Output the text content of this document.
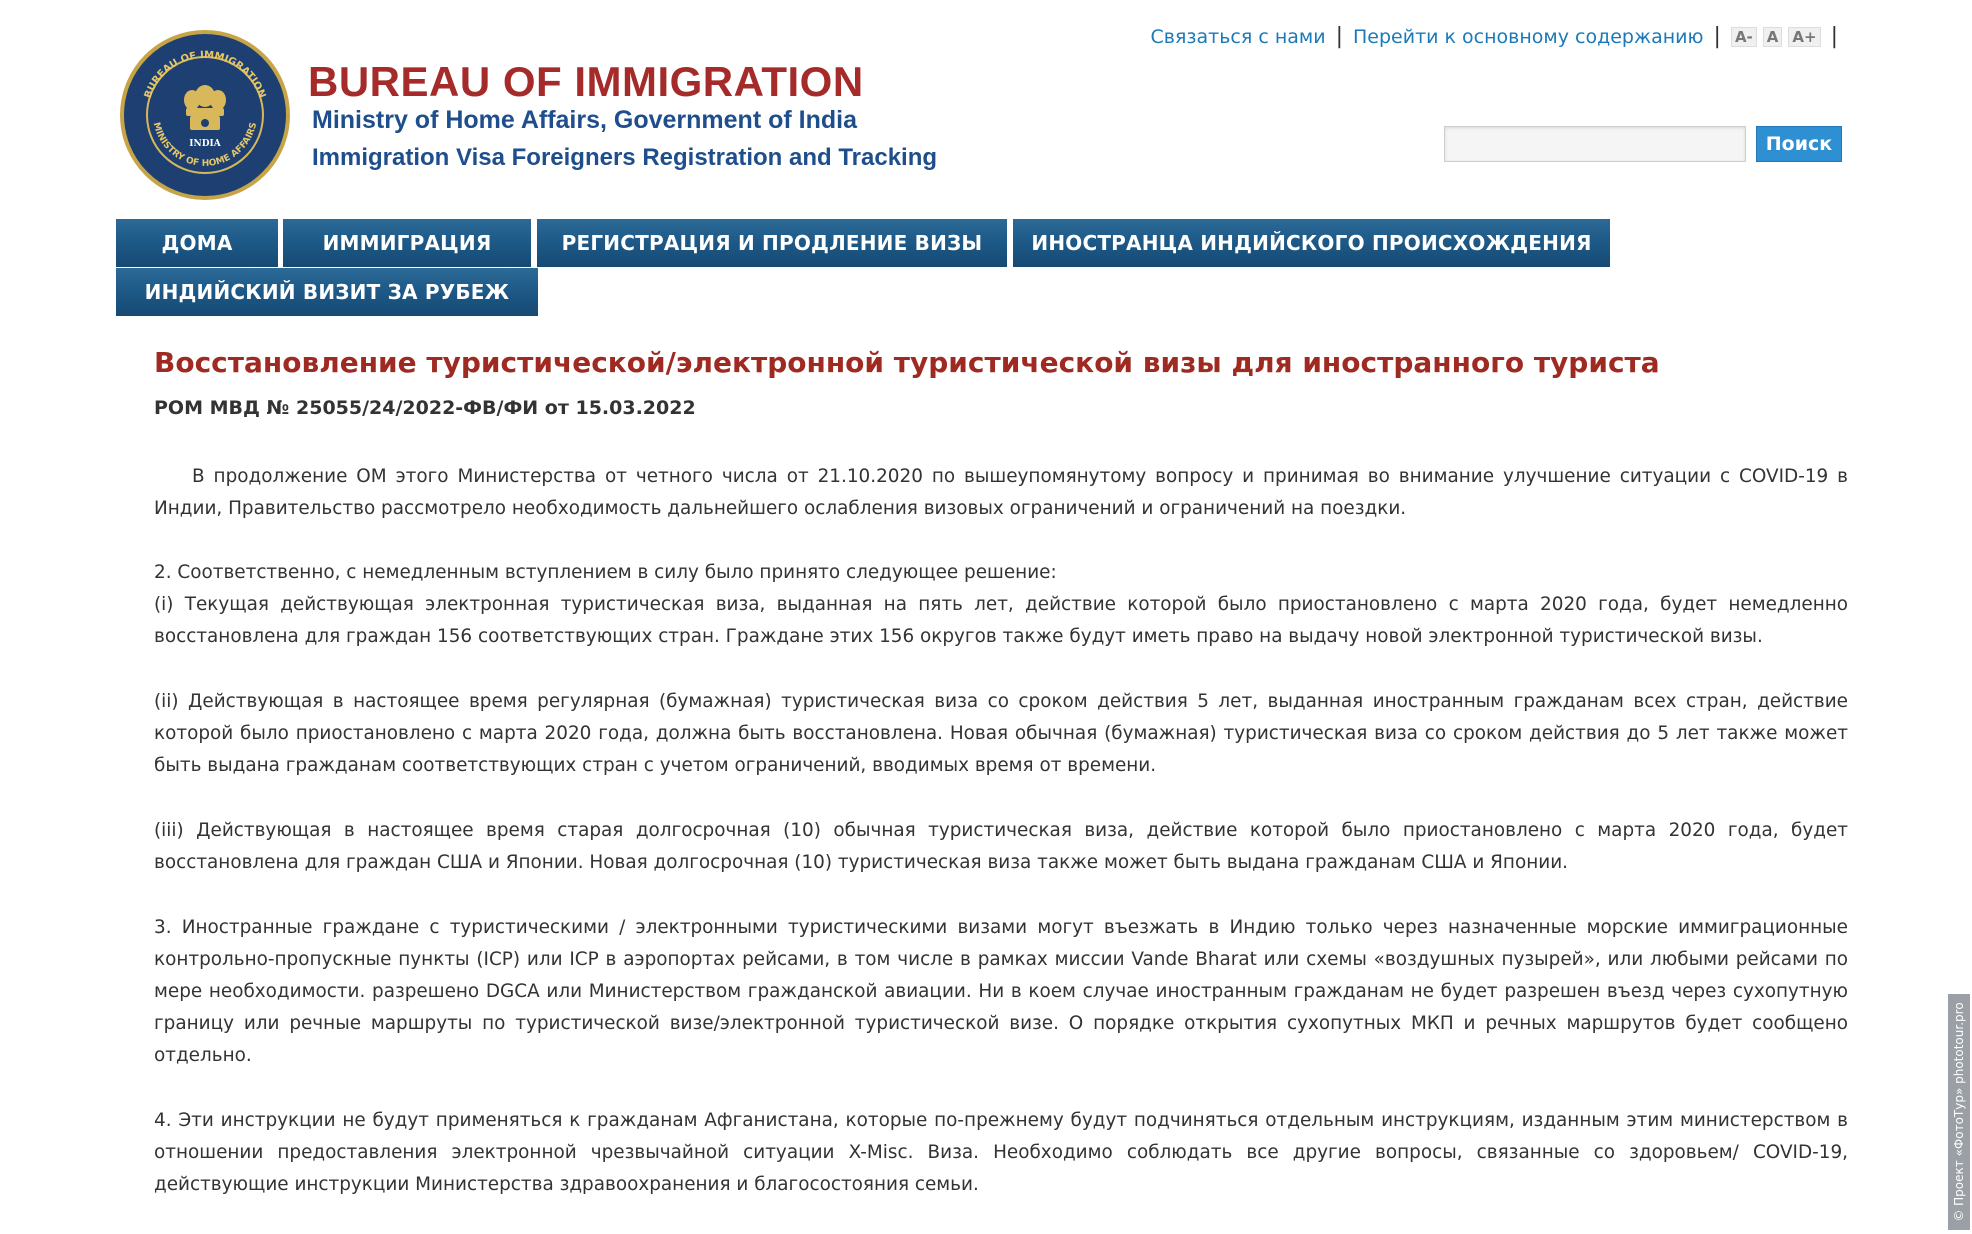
BUREAU OF IMMIGRATION
MINISTRY OF HOME AFFAIRS
INDIA
BUREAU OF IMMIGRATION
Ministry of Home Affairs, Government of India
Immigration Visa Foreigners Registration and Tracking
Связаться с нами | Перейти к основному содержанию | A- A A+ |
Поиск
ДОМА	ИММИГРАЦИЯ	РЕГИСТРАЦИЯ И ПРОДЛЕНИЕ ВИЗЫ	ИНОСТРАНЦА ИНДИЙСКОГО ПРОИСХОЖДЕНИЯ
ИНДИЙСКИЙ ВИЗИТ ЗА РУБЕЖ
Восстановление туристической/электронной туристической визы для иностранного туриста
РОМ МВД № 25055/24/2022-ФВ/ФИ от 15.03.2022

В продолжение ОМ этого Министерства от четного числа от 21.10.2020 по вышеупомянутому вопросу и принимая во внимание улучшение ситуации с COVID-19 в Индии, Правительство рассмотрело необходимость дальнейшего ослабления визовых ограничений и ограничений на поездки.

2. Соответственно, с немедленным вступлением в силу было принято следующее решение:

(i) Текущая действующая электронная туристическая виза, выданная на пять лет, действие которой было приостановлено с марта 2020 года, будет немедленно восстановлена для граждан 156 соответствующих стран. Граждане этих 156 округов также будут иметь право на выдачу новой электронной туристической визы.

(ii) Действующая в настоящее время регулярная (бумажная) туристическая виза со сроком действия 5 лет, выданная иностранным гражданам всех стран, действие которой было приостановлено с марта 2020 года, должна быть восстановлена. Новая обычная (бумажная) туристическая виза со сроком действия до 5 лет также может быть выдана гражданам соответствующих стран с учетом ограничений, вводимых время от времени.

(iii) Действующая в настоящее время старая долгосрочная (10) обычная туристическая виза, действие которой было приостановлено с марта 2020 года, будет восстановлена для граждан США и Японии. Новая долгосрочная (10) туристическая виза также может быть выдана гражданам США и Японии.

3. Иностранные граждане с туристическими / электронными туристическими визами могут въезжать в Индию только через назначенные морские иммиграционные контрольно-пропускные пункты (ICP) или ICP в аэропортах рейсами, в том числе в рамках миссии Vande Bharat или схемы «воздушных пузырей», или любыми рейсами по мере необходимости. разрешено DGCA или Министерством гражданской авиации. Ни в коем случае иностранным гражданам не будет разрешен въезд через сухопутную границу или речные маршруты по туристической визе/электронной туристической визе. О порядке открытия сухопутных МКП и речных маршрутов будет сообщено отдельно.

4. Эти инструкции не будут применяться к гражданам Афганистана, которые по-прежнему будут подчиняться отдельным инструкциям, изданным этим министерством в отношении предоставления электронной чрезвычайной ситуации X-Misc. Виза. Необходимо соблюдать все другие вопросы, связанные со здоровьем/ COVID-19, действующие инструкции Министерства здравоохранения и благосостояния семьи.	© Проект «ФотоТур» phototour.pro
